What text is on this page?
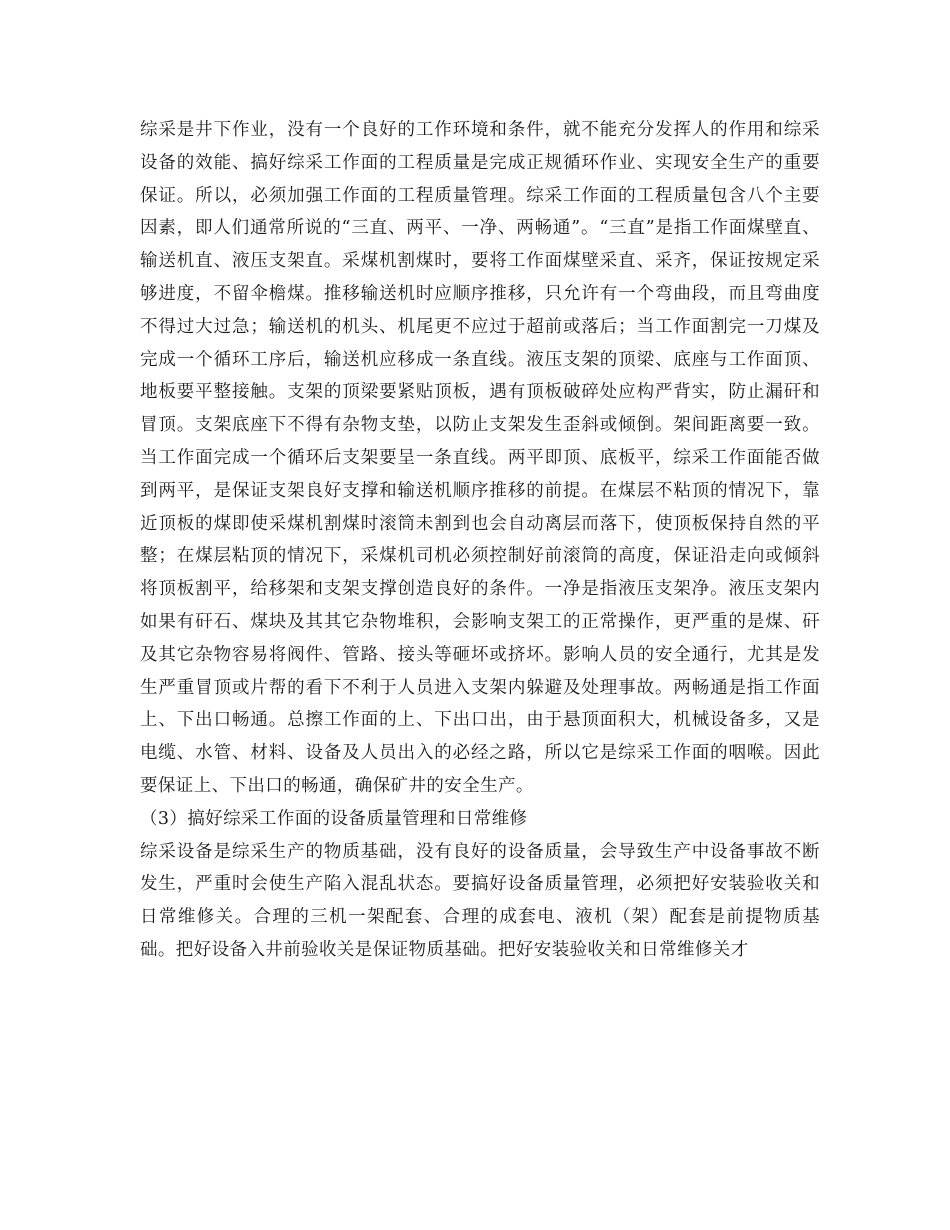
综采是井下作业，没有一个良好的工作环境和条件，就不能充分发挥人的作用和综采设备的效能、搞好综采工作面的工程质量是完成正规循环作业、实现安全生产的重要保证。所以，必须加强工作面的工程质量管理。综采工作面的工程质量包含八个主要因素，即人们通常所说的“三直、两平、一净、两畅通”。“三直”是指工作面煤壁直、输送机直、液压支架直。采煤机割煤时，要将工作面煤壁采直、采齐，保证按规定采够进度，不留伞檐煤。推移输送机时应顺序推移，只允许有一个弯曲段，而且弯曲度不得过大过急；输送机的机头、机尾更不应过于超前或落后；当工作面割完一刀煤及完成一个循环工序后，输送机应移成一条直线。液压支架的顶梁、底座与工作面顶、地板要平整接触。支架的顶梁要紧贴顶板，遇有顶板破碎处应构严背实，防止漏矸和冒顶。支架底座下不得有杂物支垫，以防止支架发生歪斜或倾倒。架间距离要一致。当工作面完成一个循环后支架要呈一条直线。两平即顶、底板平，综采工作面能否做到两平，是保证支架良好支撑和输送机顺序推移的前提。在煤层不粘顶的情况下，靠近顶板的煤即使采煤机割煤时滚筒未割到也会自动离层而落下，使顶板保持自然的平整；在煤层粘顶的情况下，采煤机司机必须控制好前滚筒的高度，保证沿走向或倾斜将顶板割平，给移架和支架支撑创造良好的条件。一净是指液压支架净。液压支架内如果有矸石、煤块及其其它杂物堆积，会影响支架工的正常操作，更严重的是煤、矸及其它杂物容易将阀件、管路、接头等砸坏或挤坏。影响人员的安全通行，尤其是发生严重冒顶或片帮的看下不利于人员进入支架内躲避及处理事故。两畅通是指工作面上、下出口畅通。总擦工作面的上、下出口出，由于悬顶面积大，机械设备多，又是电缆、水管、材料、设备及人员出入的必经之路，所以它是综采工作面的咽喉。因此要保证上、下出口的畅通，确保矿井的安全生产。

（3）搞好综采工作面的设备质量管理和日常维修

综采设备是综采生产的物质基础，没有良好的设备质量，会导致生产中设备事故不断发生，严重时会使生产陷入混乱状态。要搞好设备质量管理，必须把好安装验收关和日常维修关。合理的三机一架配套、合理的成套电、液机（架）配套是前提物质基础。把好设备入井前验收关是保证物质基础。把好安装验收关和日常维修关才
